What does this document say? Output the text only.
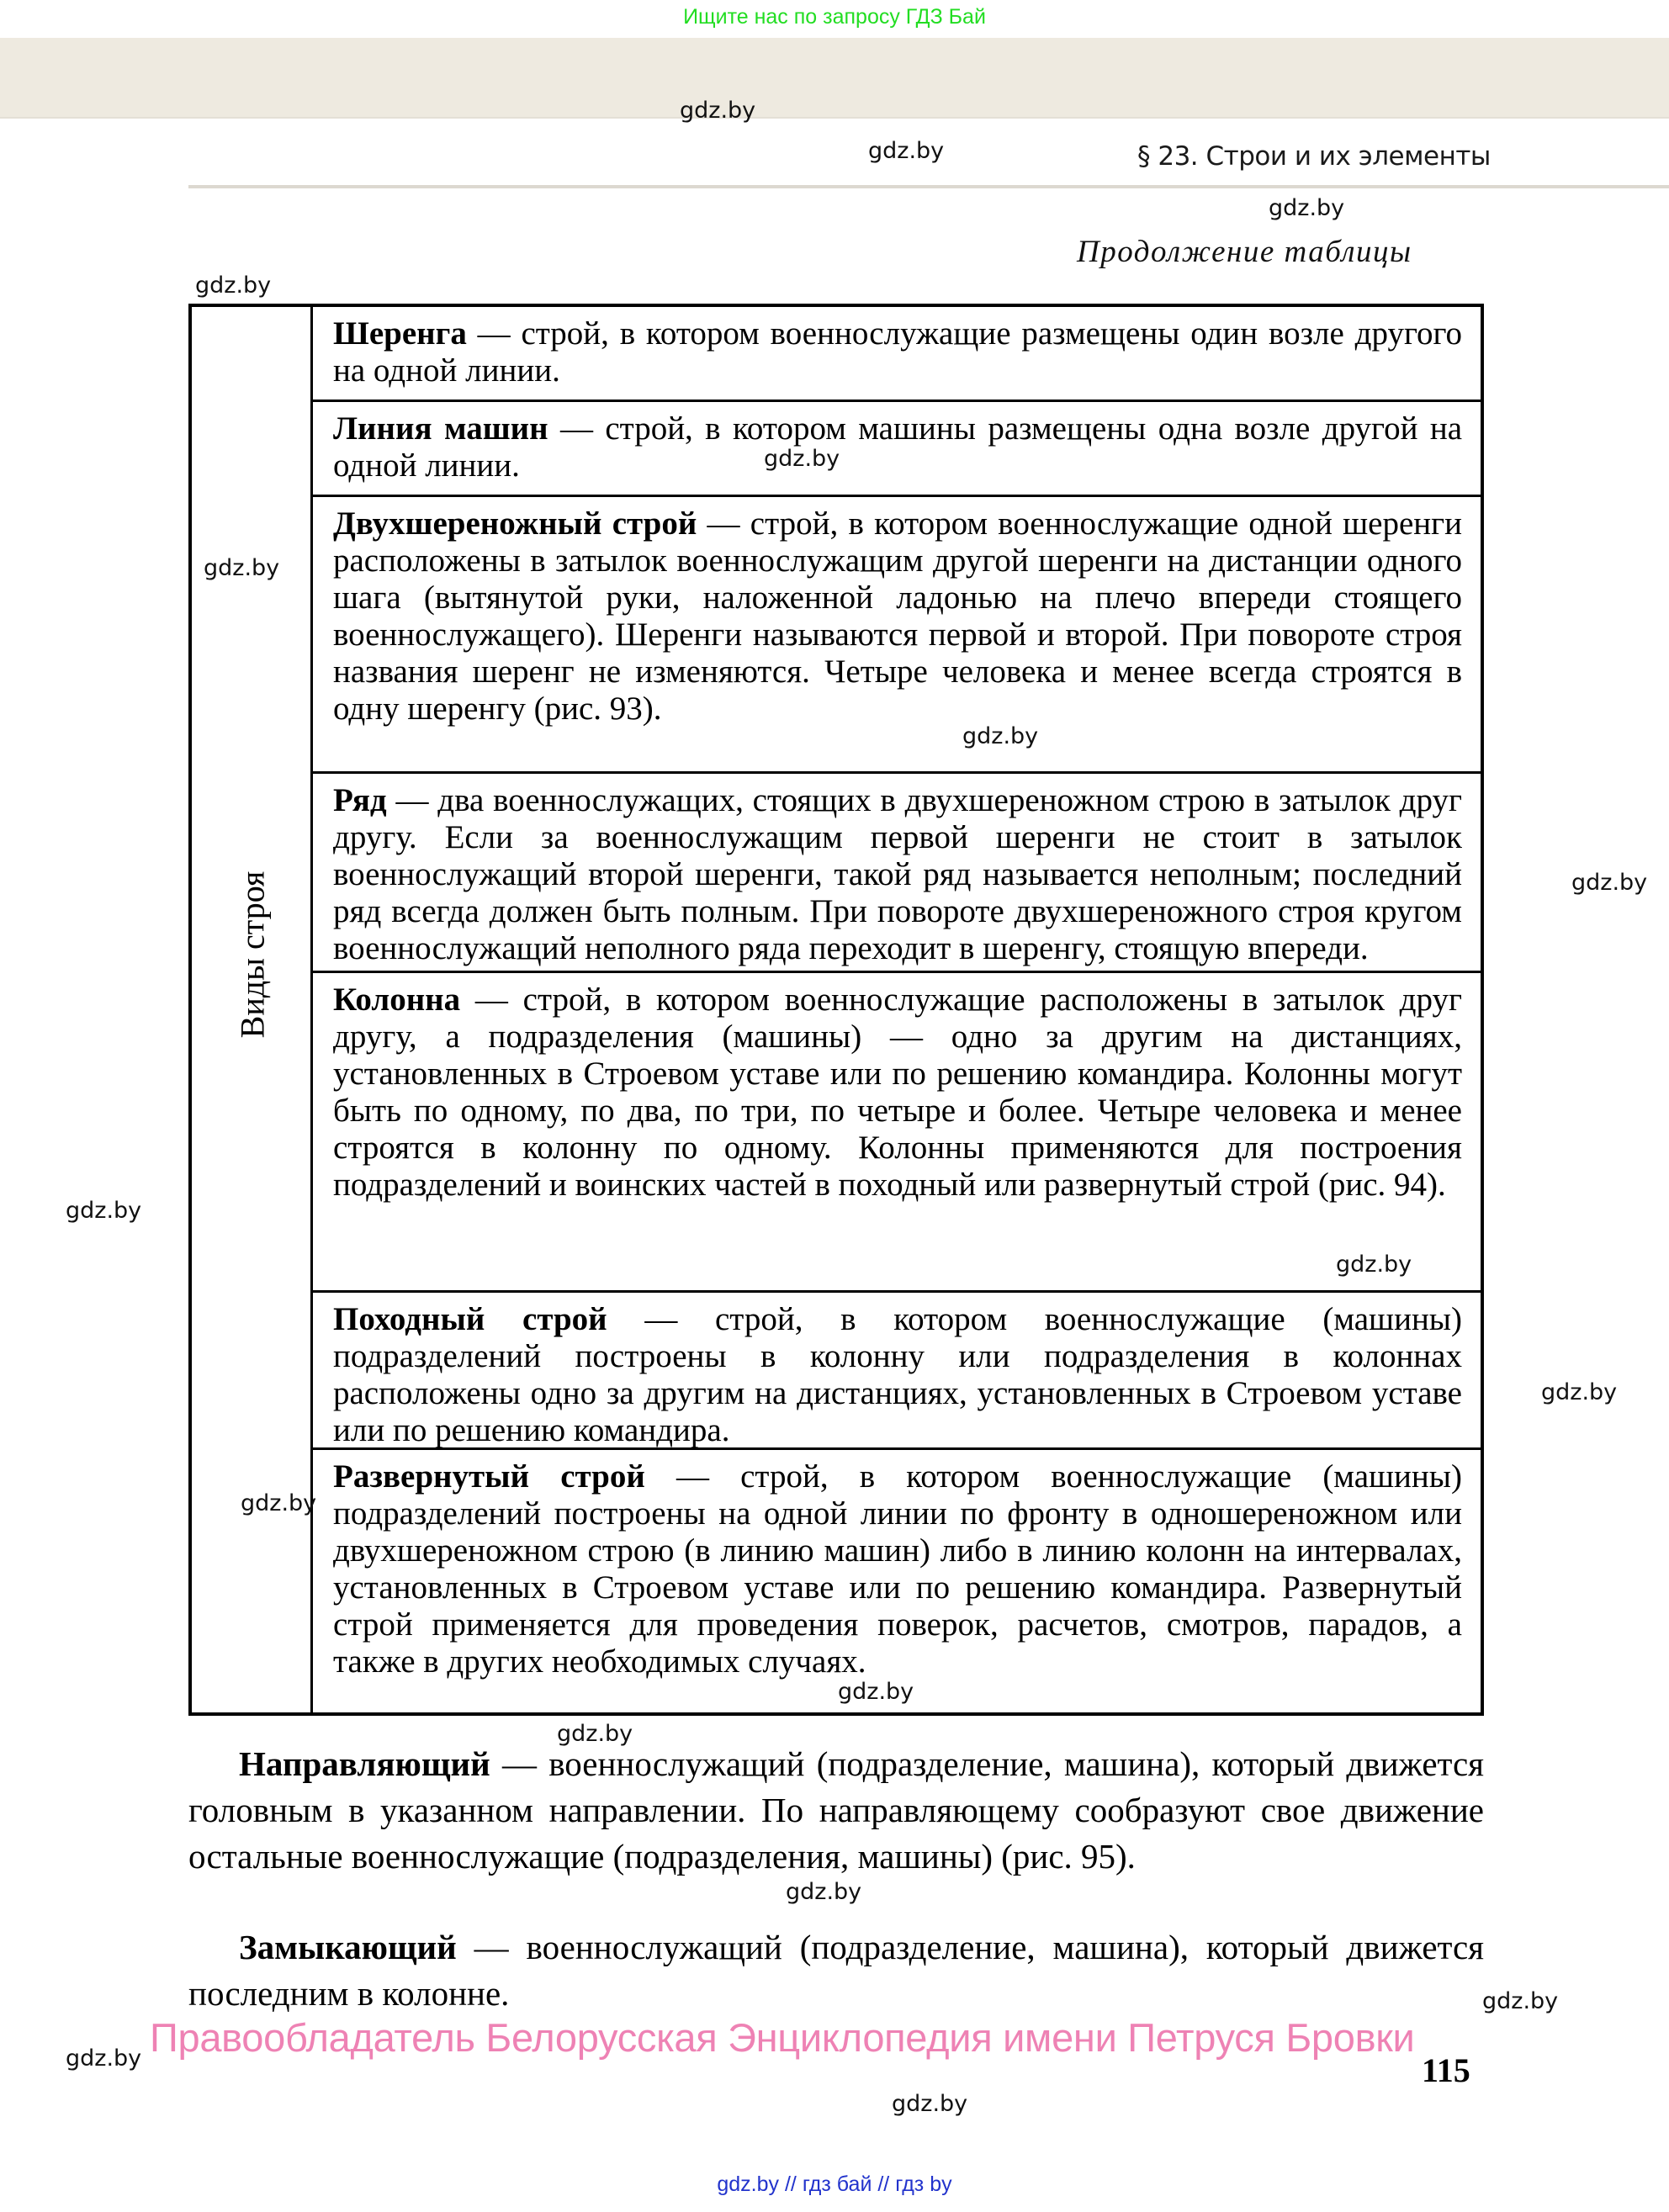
Ищите нас по запросу ГДЗ Бай
gdz.by
gdz.by	§ 23. Строи и их элементы
gdz.by
Продолжение таблицы
gdz.by
Виды строя
Шеренга — строй, в котором военнослужащие размещены один возле другого на одной линии.
Линия машин — строй, в котором машины размещены одна возле другой на одной линии.
Двухшереножный строй — строй, в котором военнослужащие одной шеренги расположены в затылок военнослужащим другой шеренги на дистанции одного шага (вытянутой руки, наложенной ладонью на плечо впереди стоящего военнослужащего). Шеренги называются первой и второй. При повороте строя названия шеренг не изменяются. Четыре человека и менее всегда строятся в одну шеренгу (рис. 93).
Ряд — два военнослужащих, стоящих в двухшереножном строю в затылок друг другу. Если за военнослужащим первой шеренги не стоит в затылок военнослужащий второй шеренги, такой ряд называется неполным; последний ряд всегда должен быть полным. При повороте двухшереножного строя кругом военнослужащий неполного ряда переходит в шеренгу, стоящую впереди.
Колонна — строй, в котором военнослужащие расположены в затылок друг другу, а подразделения (машины) — одно за другим на дистанциях, установленных в Строевом уставе или по решению командира. Колонны могут быть по одному, по два, по три, по четыре и более. Четыре человека и менее строятся в колонну по одному. Колонны применяются для построения подразделений и воинских частей в походный или развернутый строй (рис. 94).
Походный строй — строй, в котором военнослужащие (машины) подразделений построены в колонну или подразделения в колоннах расположены одно за другим на дистанциях, установленных в Строевом уставе или по решению командира.
Развернутый строй — строй, в котором военнослужащие (машины) подразделений построены на одной линии по фронту в одношереножном или двухшереножном строю (в линию машин) либо в линию колонн на интервалах, установленных в Строевом уставе или по решению командира. Развернутый строй применяется для проведения поверок, расчетов, смотров, парадов, а также в других необходимых случаях.
gdz.by
gdz.by
gdz.by
gdz.by
gdz.by
gdz.by
gdz.by
gdz.by
gdz.by
gdz.by
Направляющий — военнослужащий (подразделение, машина), который движется головным в указанном направлении. По направляющему сообразуют свое движение остальные военнослужащие (подразделения, машины) (рис. 95).
gdz.by
Замыкающий — военнослужащий (подразделение, машина), который движется последним в колонне.	gdz.by
Правообладатель Белорусская Энциклопедия имени Петруся Бровки
gdz.by	115
gdz.by
gdz.by // гдз бай // гдз by
